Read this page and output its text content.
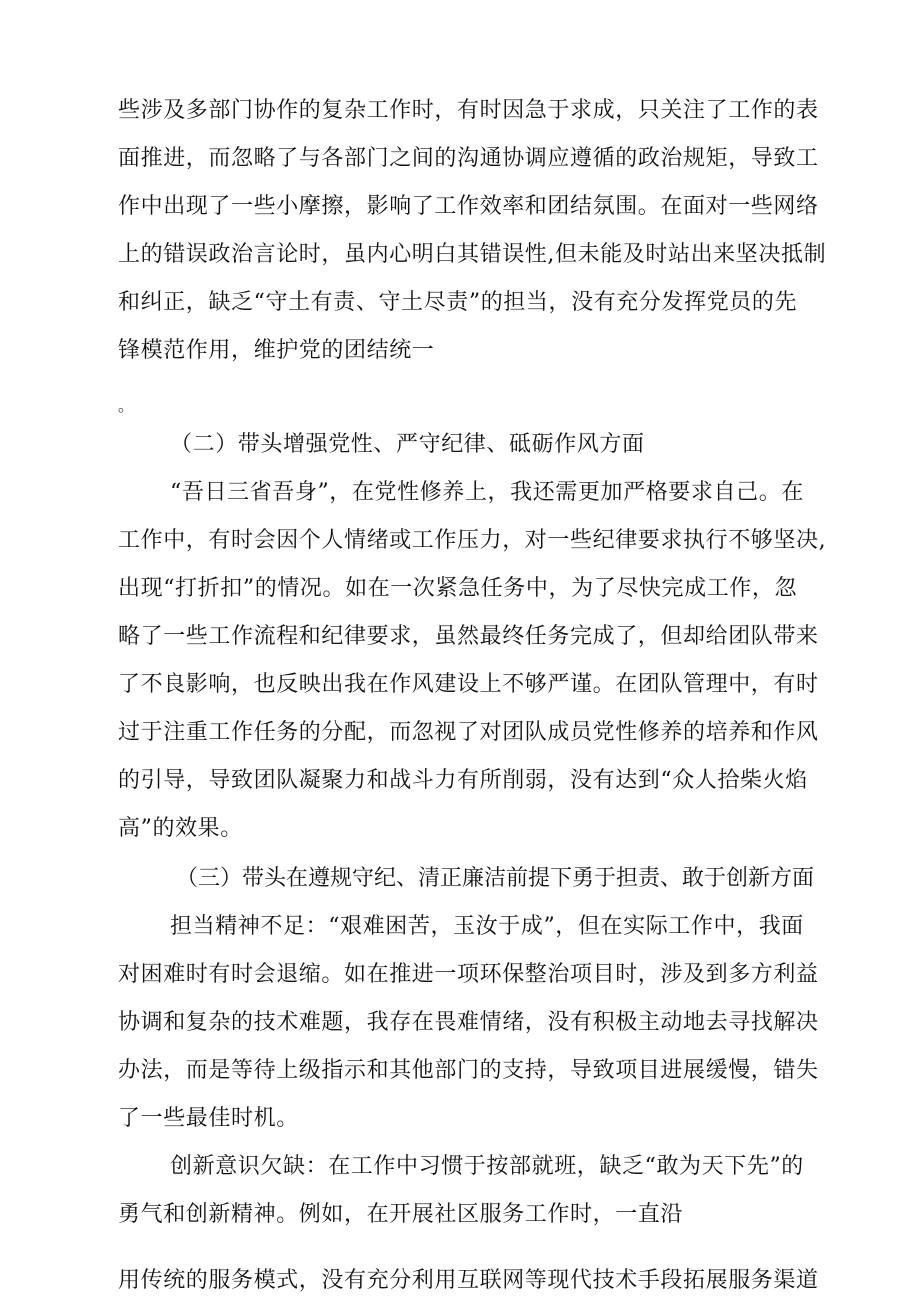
些涉及多部门协作的复杂工作时，有时因急于求成，只关注了工作的表
面推进，而忽略了与各部门之间的沟通协调应遵循的政治规矩，导致工
作中出现了一些小摩擦，影响了工作效率和团结氛围。在面对一些网络
上的错误政治言论时，虽内心明白其错误性,但未能及时站出来坚决抵制
和纠正，缺乏“守土有责、守土尽责”的担当，没有充分发挥党员的先
锋模范作用，维护党的团结统一
。
（二）带头增强党性、严守纪律、砥砺作风方面
“吾日三省吾身”，在党性修养上，我还需更加严格要求自己。在
工作中，有时会因个人情绪或工作压力，对一些纪律要求执行不够坚决,
出现“打折扣”的情况。如在一次紧急任务中，为了尽快完成工作，忽
略了一些工作流程和纪律要求，虽然最终任务完成了，但却给团队带来
了不良影响，也反映出我在作风建设上不够严谨。在团队管理中，有时
过于注重工作任务的分配，而忽视了对团队成员党性修养的培养和作风
的引导，导致团队凝聚力和战斗力有所削弱，没有达到“众人拾柴火焰
高”的效果。
（三）带头在遵规守纪、清正廉洁前提下勇于担责、敢于创新方面
担当精神不足：“艰难困苦，玉汝于成”，但在实际工作中，我面
对困难时有时会退缩。如在推进一项环保整治项目时，涉及到多方利益
协调和复杂的技术难题，我存在畏难情绪，没有积极主动地去寻找解决
办法，而是等待上级指示和其他部门的支持，导致项目进展缓慢，错失
了一些最佳时机。
创新意识欠缺：在工作中习惯于按部就班，缺乏“敢为天下先”的
勇气和创新精神。例如，在开展社区服务工作时，一直沿
用传统的服务模式，没有充分利用互联网等现代技术手段拓展服务渠道
